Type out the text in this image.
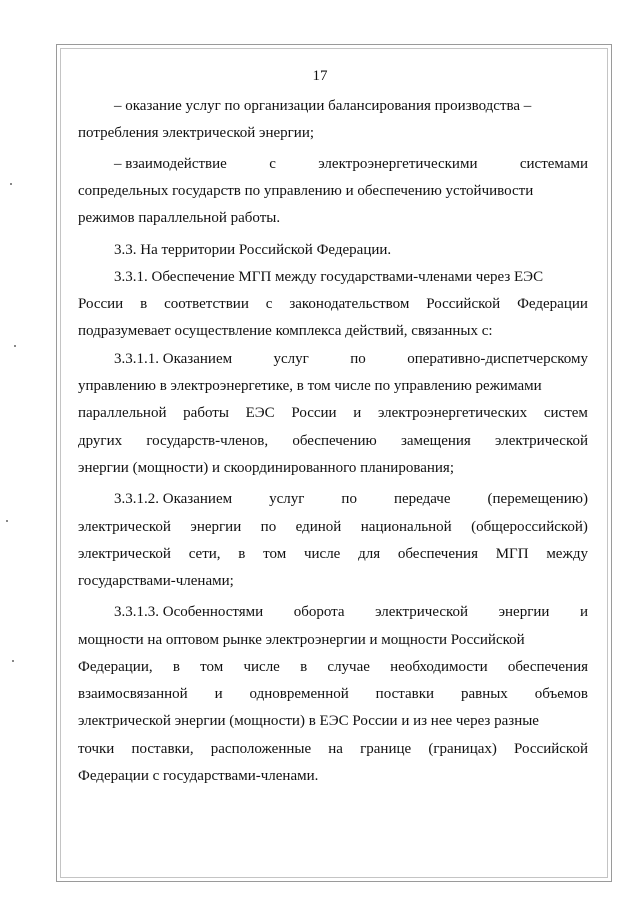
17
– оказание услуг по организации балансирования производства –
потребления электрической энергии;
– взаимодействие	с	электроэнергетическими	системами
сопредельных государств по управлению и обеспечению устойчивости
режимов параллельной работы.
3.3. На территории Российской Федерации.
3.3.1. Обеспечение МГП между государствами-членами через ЕЭС
России в соответствии с законодательством Российской Федерации
подразумевает осуществление комплекса действий, связанных с:
3.3.1.1. Оказанием	услуг	по	оперативно-диспетчерскому
управлению в электроэнергетике, в том числе по управлению режимами
параллельной работы ЕЭС России и электроэнергетических систем
других государств-членов, обеспечению замещения электрической
энергии (мощности) и скоординированного планирования;
3.3.1.2. Оказанием услуг по передаче (перемещению)
электрической энергии по единой национальной (общероссийской)
электрической сети, в том числе для обеспечения МГП между
государствами-членами;
3.3.1.3. Особенностями оборота электрической энергии и
мощности на оптовом рынке электроэнергии и мощности Российской
Федерации, в том числе в случае необходимости обеспечения
взаимосвязанной и одновременной поставки равных объемов
электрической энергии (мощности) в ЕЭС России и из нее через разные
точки поставки, расположенные на границе (границах) Российской
Федерации с государствами-членами.
